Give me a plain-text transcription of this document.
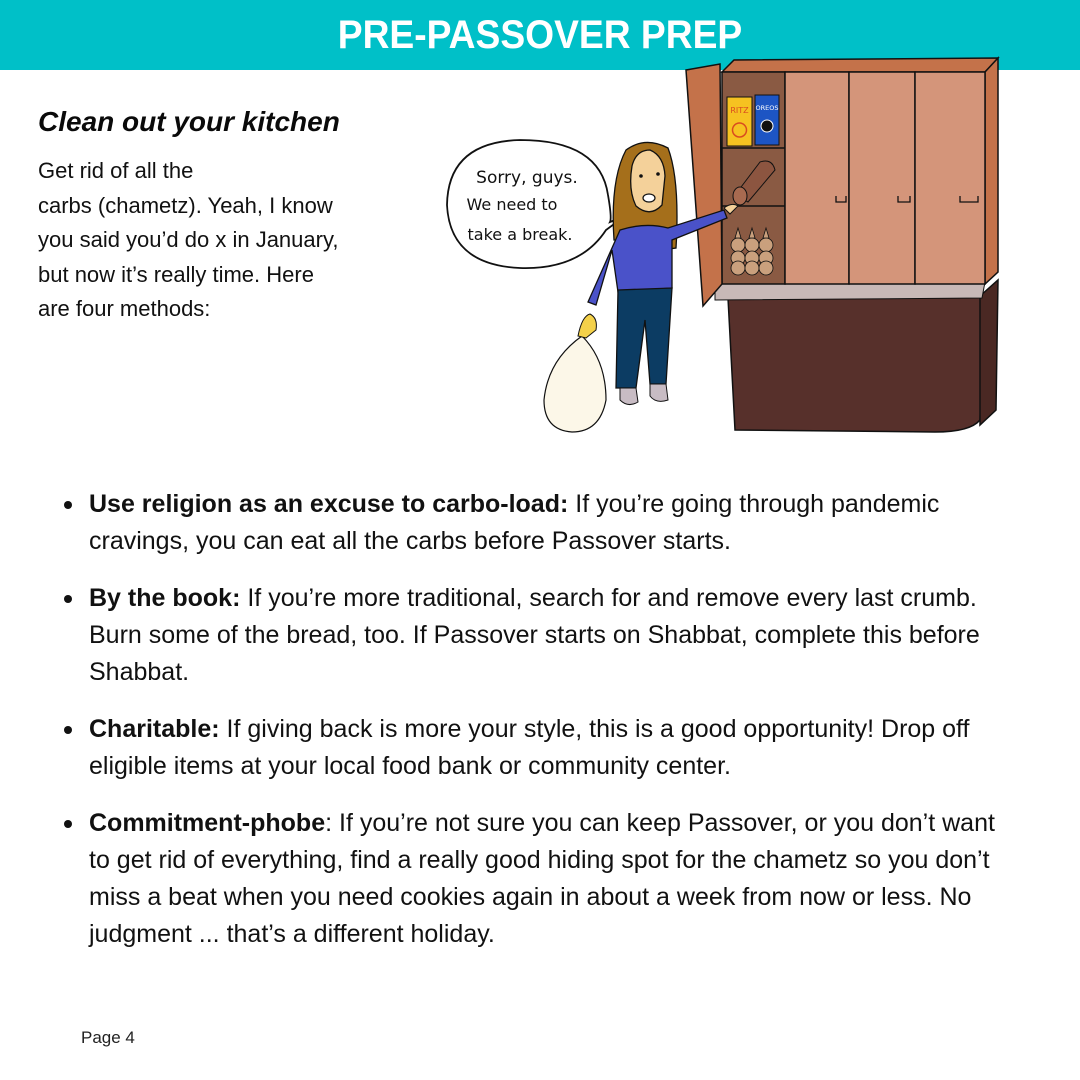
PRE-PASSOVER PREP
Clean out your kitchen
Get rid of all the
carbs (chametz). Yeah, I know
you said you’d do x in January,
but now it’s really time. Here
are four methods:
RITZ OREOS
Sorry, guys.
We need to
take a break.
Use religion as an excuse to carbo-load: If you’re going through pandemic cravings, you can eat all the carbs before Passover starts.
By the book: If you’re more traditional, search for and remove every last crumb. Burn some of the bread, too. If Passover starts on Shabbat, complete this before Shabbat.
Charitable: If giving back is more your style, this is a good opportunity! Drop off eligible items at your local food bank or community center.
Commitment-phobe: If you’re not sure you can keep Passover, or you don’t want to get rid of everything, find a really good hiding spot for the chametz so you don’t miss a beat when you need cookies again in about a week from now or less. No judgment ... that’s a different holiday.
Page 4
